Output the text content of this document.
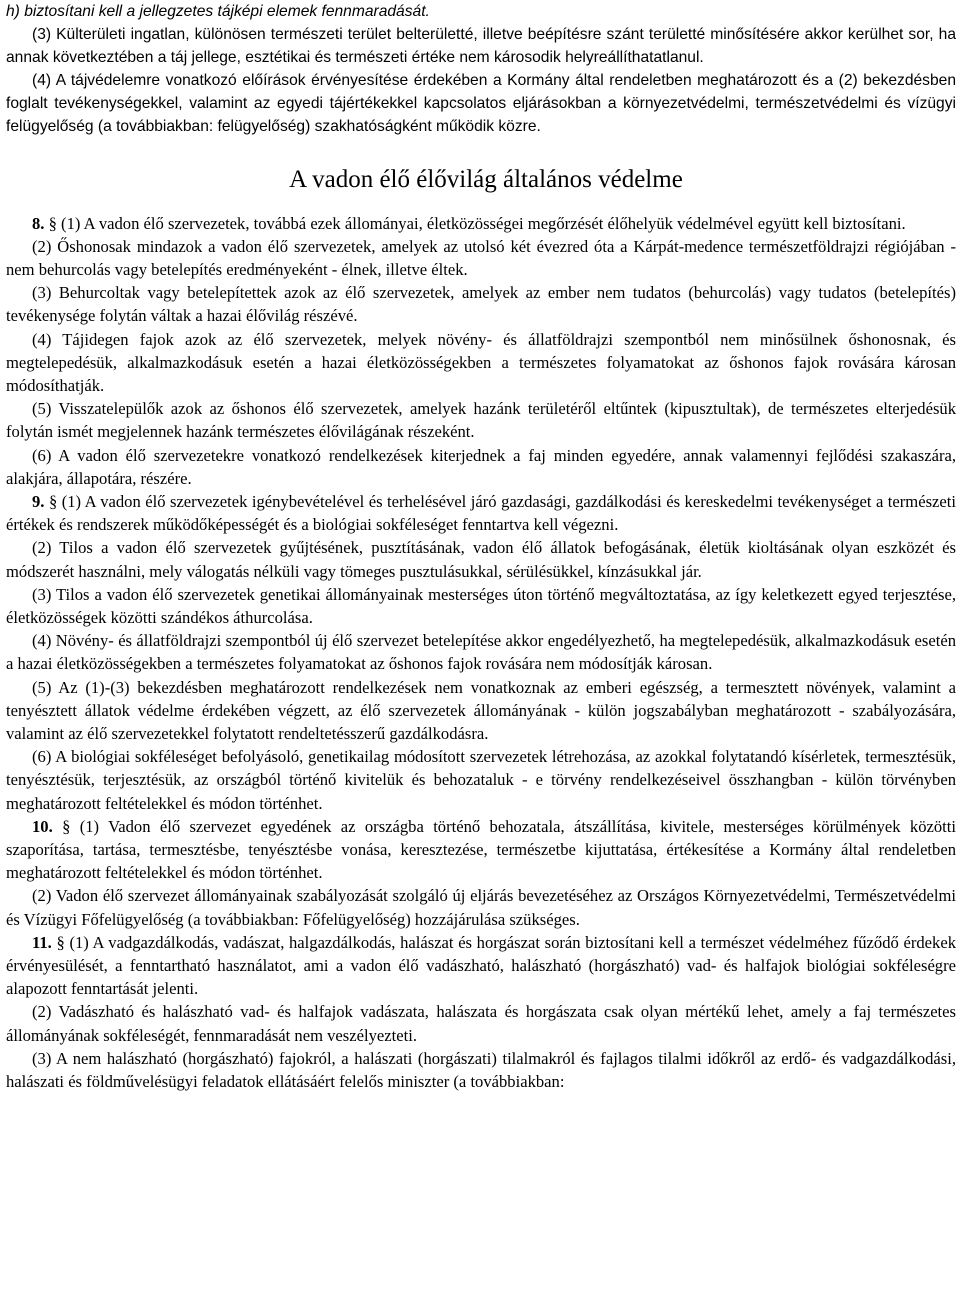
h) biztosítani kell a jellegzetes tájképi elemek fennmaradását.

(3) Külterületi ingatlan, különösen természeti terület belterületté, illetve beépítésre szánt területté minősítésére akkor kerülhet sor, ha annak következtében a táj jellege, esztétikai és természeti értéke nem károsodik helyreállíthatatlanul.

(4) A tájvédelemre vonatkozó előírások érvényesítése érdekében a Kormány által rendeletben meghatározott és a (2) bekezdésben foglalt tevékenységekkel, valamint az egyedi tájértékekkel kapcsolatos eljárásokban a környezetvédelmi, természetvédelmi és vízügyi felügyelőség (a továbbiakban: felügyelőség) szakhatóságként működik közre.

A vadon élő élővilág általános védelme

8. § (1) A vadon élő szervezetek, továbbá ezek állományai, életközösségei megőrzését élőhelyük védelmével együtt kell biztosítani.

(2) Őshonosak mindazok a vadon élő szervezetek, amelyek az utolsó két évezred óta a Kárpát-medence természetföldrajzi régiójában - nem behurcolás vagy betelepítés eredményeként - élnek, illetve éltek.

(3) Behurcoltak vagy betelepítettek azok az élő szervezetek, amelyek az ember nem tudatos (behurcolás) vagy tudatos (betelepítés) tevékenysége folytán váltak a hazai élővilág részévé.

(4) Tájidegen fajok azok az élő szervezetek, melyek növény- és állatföldrajzi szempontból nem minősülnek őshonosnak, és megtelepedésük, alkalmazkodásuk esetén a hazai életközösségekben a természetes folyamatokat az őshonos fajok rovására károsan módosíthatják.

(5) Visszatelepülők azok az őshonos élő szervezetek, amelyek hazánk területéről eltűntek (kipusztultak), de természetes elterjedésük folytán ismét megjelennek hazánk természetes élővilágának részeként.

(6) A vadon élő szervezetekre vonatkozó rendelkezések kiterjednek a faj minden egyedére, annak valamennyi fejlődési szakaszára, alakjára, állapotára, részére.

9. § (1) A vadon élő szervezetek igénybevételével és terhelésével járó gazdasági, gazdálkodási és kereskedelmi tevékenységet a természeti értékek és rendszerek működőképességét és a biológiai sokféleséget fenntartva kell végezni.

(2) Tilos a vadon élő szervezetek gyűjtésének, pusztításának, vadon élő állatok befogásának, életük kioltásának olyan eszközét és módszerét használni, mely válogatás nélküli vagy tömeges pusztulásukkal, sérülésükkel, kínzásukkal jár.

(3) Tilos a vadon élő szervezetek genetikai állományainak mesterséges úton történő megváltoztatása, az így keletkezett egyed terjesztése, életközösségek közötti szándékos áthurcolása.

(4) Növény- és állatföldrajzi szempontból új élő szervezet betelepítése akkor engedélyezhető, ha megtelepedésük, alkalmazkodásuk esetén a hazai életközösségekben a természetes folyamatokat az őshonos fajok rovására nem módosítják károsan.

(5) Az (1)-(3) bekezdésben meghatározott rendelkezések nem vonatkoznak az emberi egészség, a termesztett növények, valamint a tenyésztett állatok védelme érdekében végzett, az élő szervezetek állományának - külön jogszabályban meghatározott - szabályozására, valamint az élő szervezetekkel folytatott rendeltetésszerű gazdálkodásra.

(6) A biológiai sokféleséget befolyásoló, genetikailag módosított szervezetek létrehozása, az azokkal folytatandó kísérletek, termesztésük, tenyésztésük, terjesztésük, az országból történő kivitelük és behozataluk - e törvény rendelkezéseivel összhangban - külön törvényben meghatározott feltételekkel és módon történhet.

10. § (1) Vadon élő szervezet egyedének az országba történő behozatala, átszállítása, kivitele, mesterséges körülmények közötti szaporítása, tartása, termesztésbe, tenyésztésbe vonása, keresztezése, természetbe kijuttatása, értékesítése a Kormány által rendeletben meghatározott feltételekkel és módon történhet.

(2) Vadon élő szervezet állományainak szabályozását szolgáló új eljárás bevezetéséhez az Országos Környezetvédelmi, Természetvédelmi és Vízügyi Főfelügyelőség (a továbbiakban: Főfelügyelőség) hozzájárulása szükséges.

11. § (1) A vadgazdálkodás, vadászat, halgazdálkodás, halászat és horgászat során biztosítani kell a természet védelméhez fűződő érdekek érvényesülését, a fenntartható használatot, ami a vadon élő vadászható, halászható (horgászható) vad- és halfajok biológiai sokféleségre alapozott fenntartását jelenti.

(2) Vadászható és halászható vad- és halfajok vadászata, halászata és horgászata csak olyan mértékű lehet, amely a faj természetes állományának sokféleségét, fennmaradását nem veszélyezteti.

(3) A nem halászható (horgászható) fajokról, a halászati (horgászati) tilalmakról és fajlagos tilalmi időkről az erdő- és vadgazdálkodási, halászati és földművelésügyi feladatok ellátásáért felelős miniszter (a továbbiakban:
